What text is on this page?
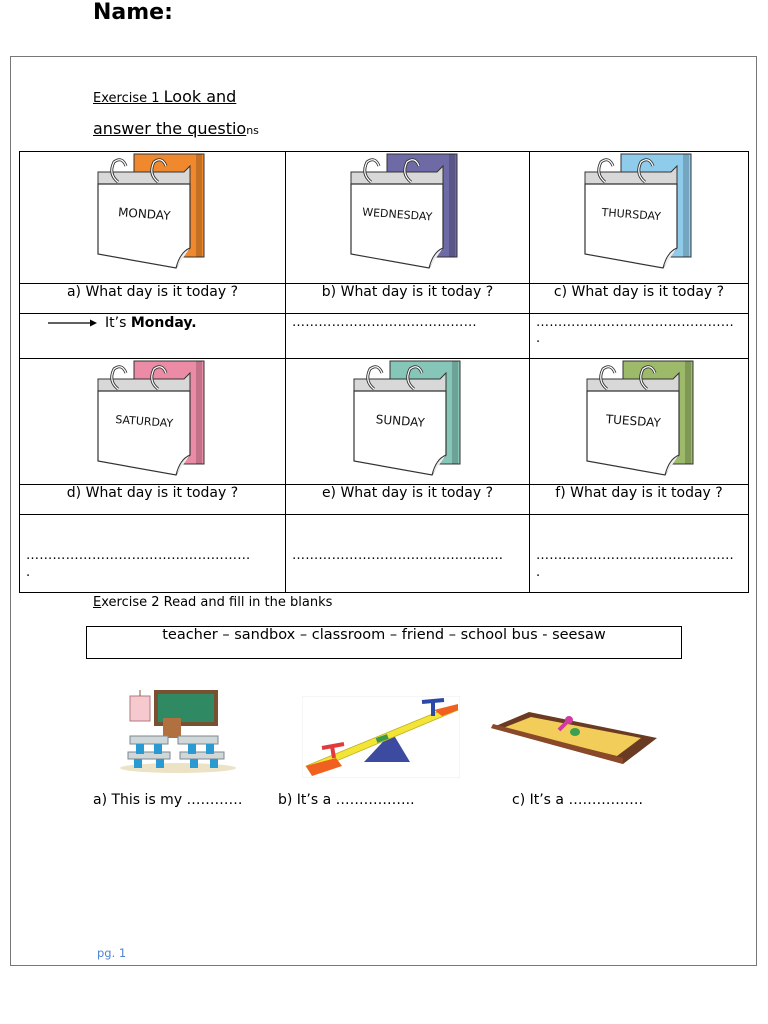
Name:
Exercise 1 Look and
answer the questions
MONDAY	WEDNESDAY	THURSDAY

a) What day is it today ?	b) What day is it today ?	c) What day is it today ?

It’s Monday.	……………………………………	………………………………………
.

SATURDAY	SUNDAY	TUESDAY

d) What day is it today ?	e) What day is it today ?	f) What day is it today ?

……………………………………………
.	…………………………………………	………………………………………
.
Exercise 2 Read and fill in the blanks
teacher – sandbox – classroom – friend – school bus - seesaw
a) This is my …………	b) It’s a ……………..	c) It’s a …………….
pg. 1
